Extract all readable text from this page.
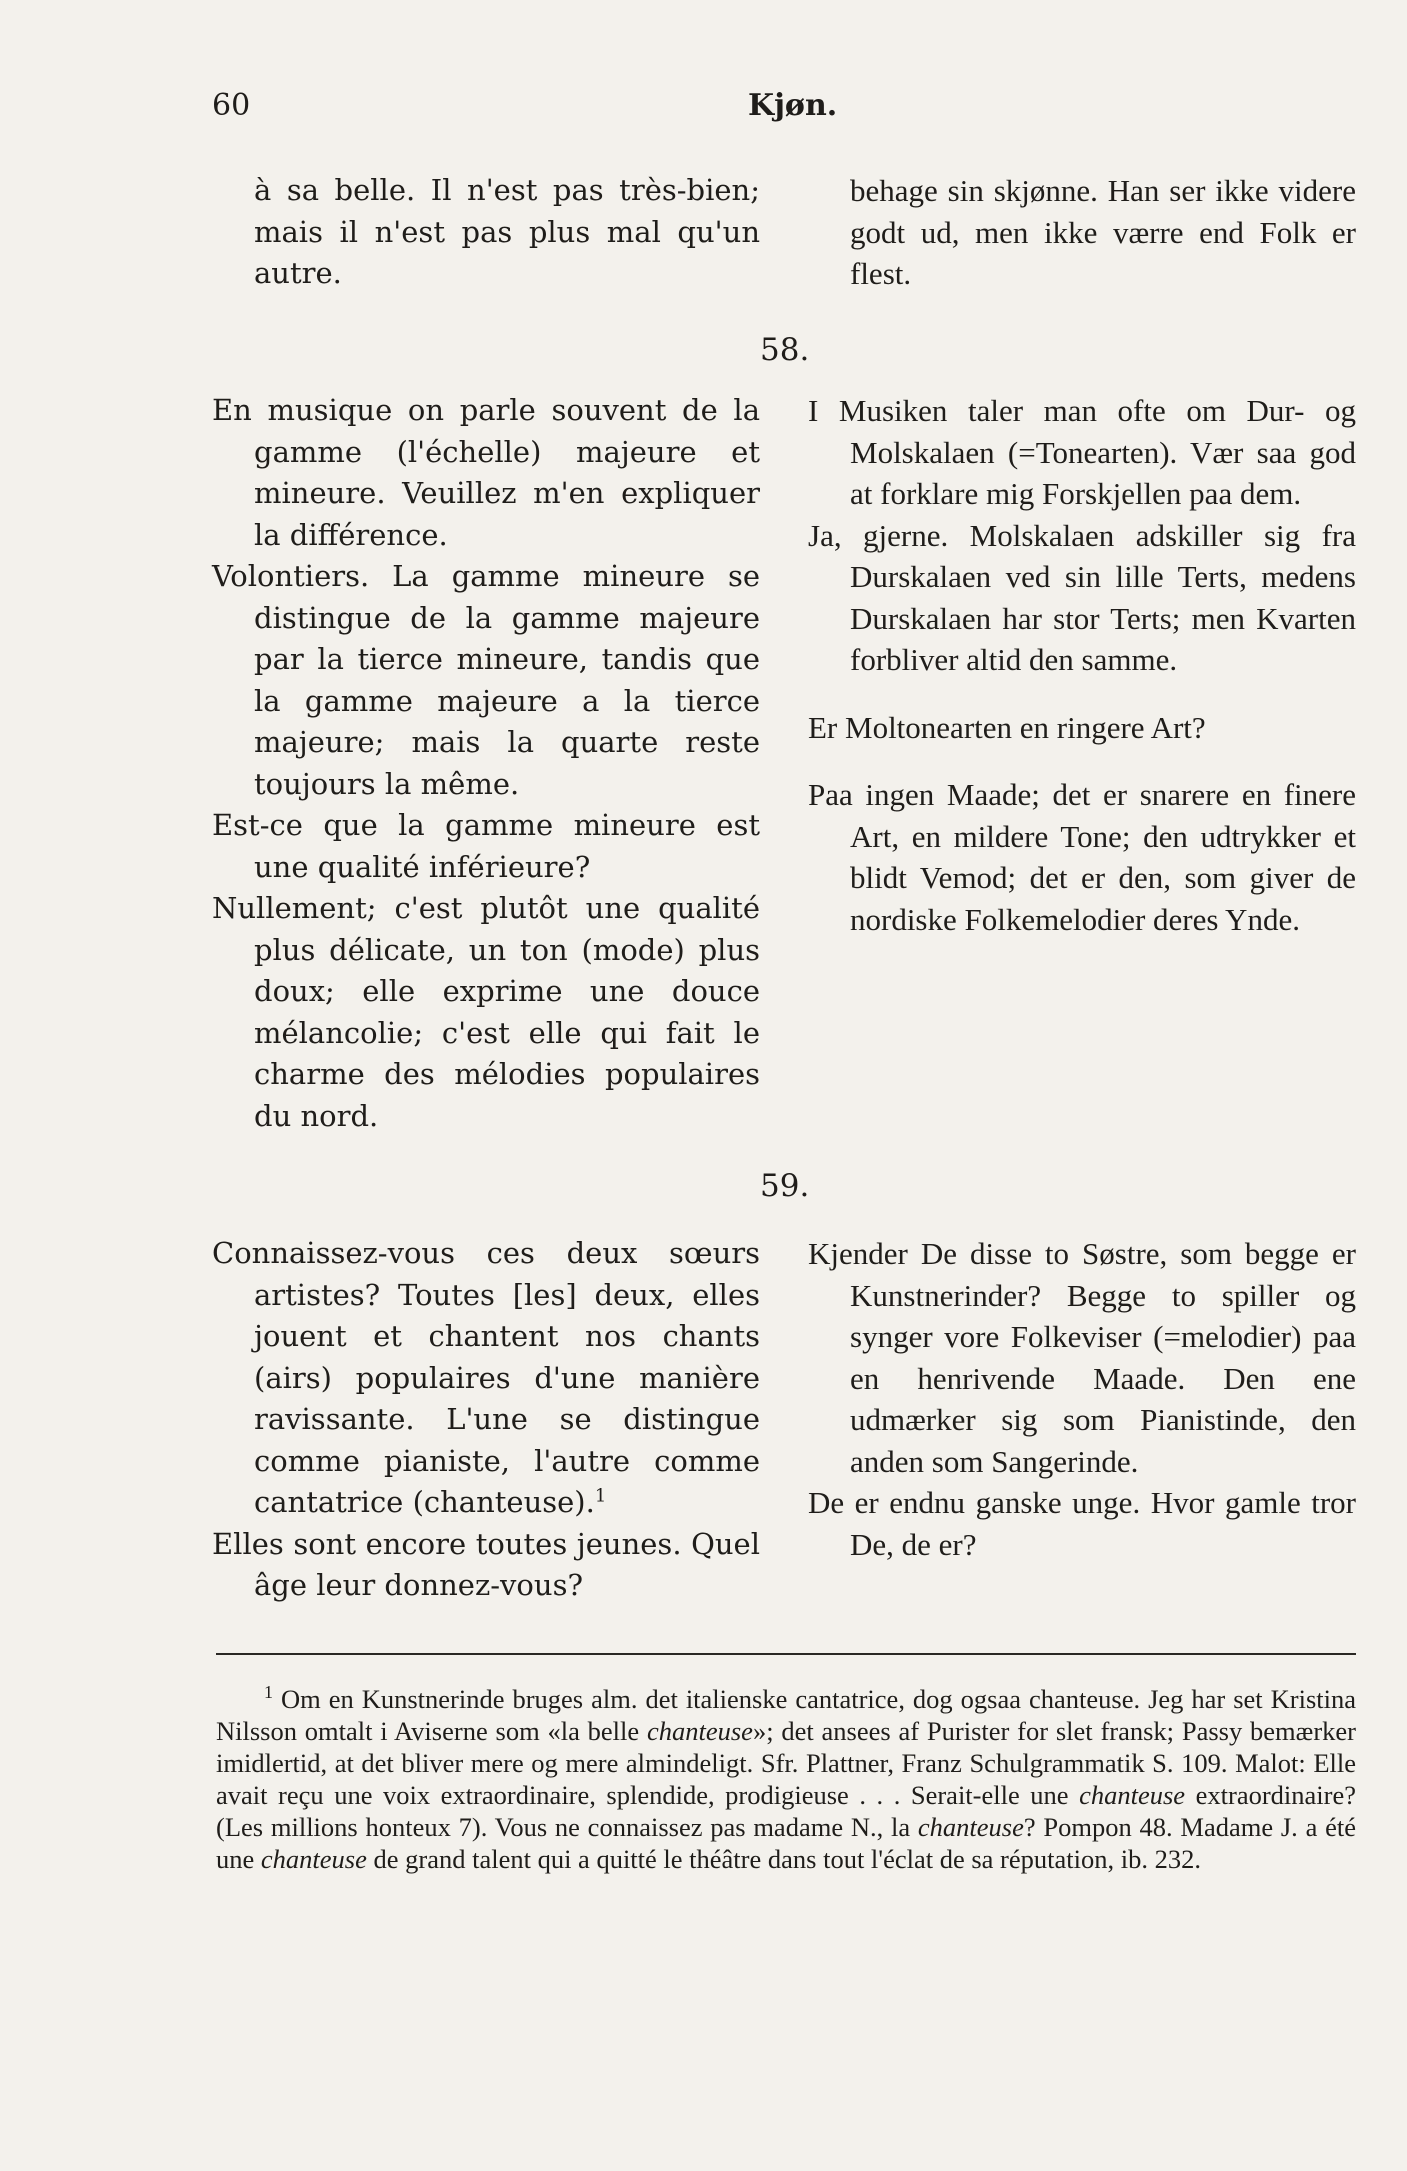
60	Kjøn.

à sa belle. Il n'est pas très-bien; mais il n'est pas plus mal qu'un autre.

behage sin skjønne. Han ser ikke videre godt ud, men ikke værre end Folk er flest.

58.

En musique on parle souvent de la gamme (l'échelle) majeure et mineure. Veuillez m'en expliquer la différence.

Volontiers. La gamme mineure se distingue de la gamme majeure par la tierce mineure, tandis que la gamme majeure a la tierce majeure; mais la quarte reste toujours la même.

Est-ce que la gamme mineure est une qualité inférieure?

Nullement; c'est plutôt une qualité plus délicate, un ton (mode) plus doux; elle exprime une douce mélancolie; c'est elle qui fait le charme des mélodies populaires du nord.

I Musiken taler man ofte om Dur- og Molskalaen (=Tonearten). Vær saa god at forklare mig Forskjellen paa dem.

Ja, gjerne. Molskalaen adskiller sig fra Durskalaen ved sin lille Terts, medens Durskalaen har stor Terts; men Kvarten forbliver altid den samme.

Er Moltonearten en ringere Art?

Paa ingen Maade; det er snarere en finere Art, en mildere Tone; den udtrykker et blidt Vemod; det er den, som giver de nordiske Folkemelodier deres Ynde.

59.

Connaissez-vous ces deux sœurs artistes? Toutes [les] deux, elles jouent et chantent nos chants (airs) populaires d'une manière ravissante. L'une se distingue comme pianiste, l'autre comme cantatrice (chanteuse).$^1$

Elles sont encore toutes jeunes. Quel âge leur donnez-vous?

Kjender De disse to Søstre, som begge er Kunstnerinder? Begge to spiller og synger vore Folkeviser (=melodier) paa en henrivende Maade. Den ene udmærker sig som Pianistinde, den anden som Sangerinde.

De er endnu ganske unge. Hvor gamle tror De, de er?

$^1$ Om en Kunstnerinde bruges alm. det italienske cantatrice, dog ogsaa chanteuse. Jeg har set Kristina Nilsson omtalt i Aviserne som «la belle chanteuse»; det ansees af Purister for slet fransk; Passy bemærker imidlertid, at det bliver mere og mere almindeligt. Sfr. Plattner, Franz Schulgrammatik S. 109. Malot: Elle avait reçu une voix extraordinaire, splendide, prodigieuse . . . Serait-elle une chanteuse extraordinaire? (Les millions honteux 7). Vous ne connaissez pas madame N., la chanteuse? Pompon 48. Madame J. a été une chanteuse de grand talent qui a quitté le théâtre dans tout l'éclat de sa réputation, ib. 232.
